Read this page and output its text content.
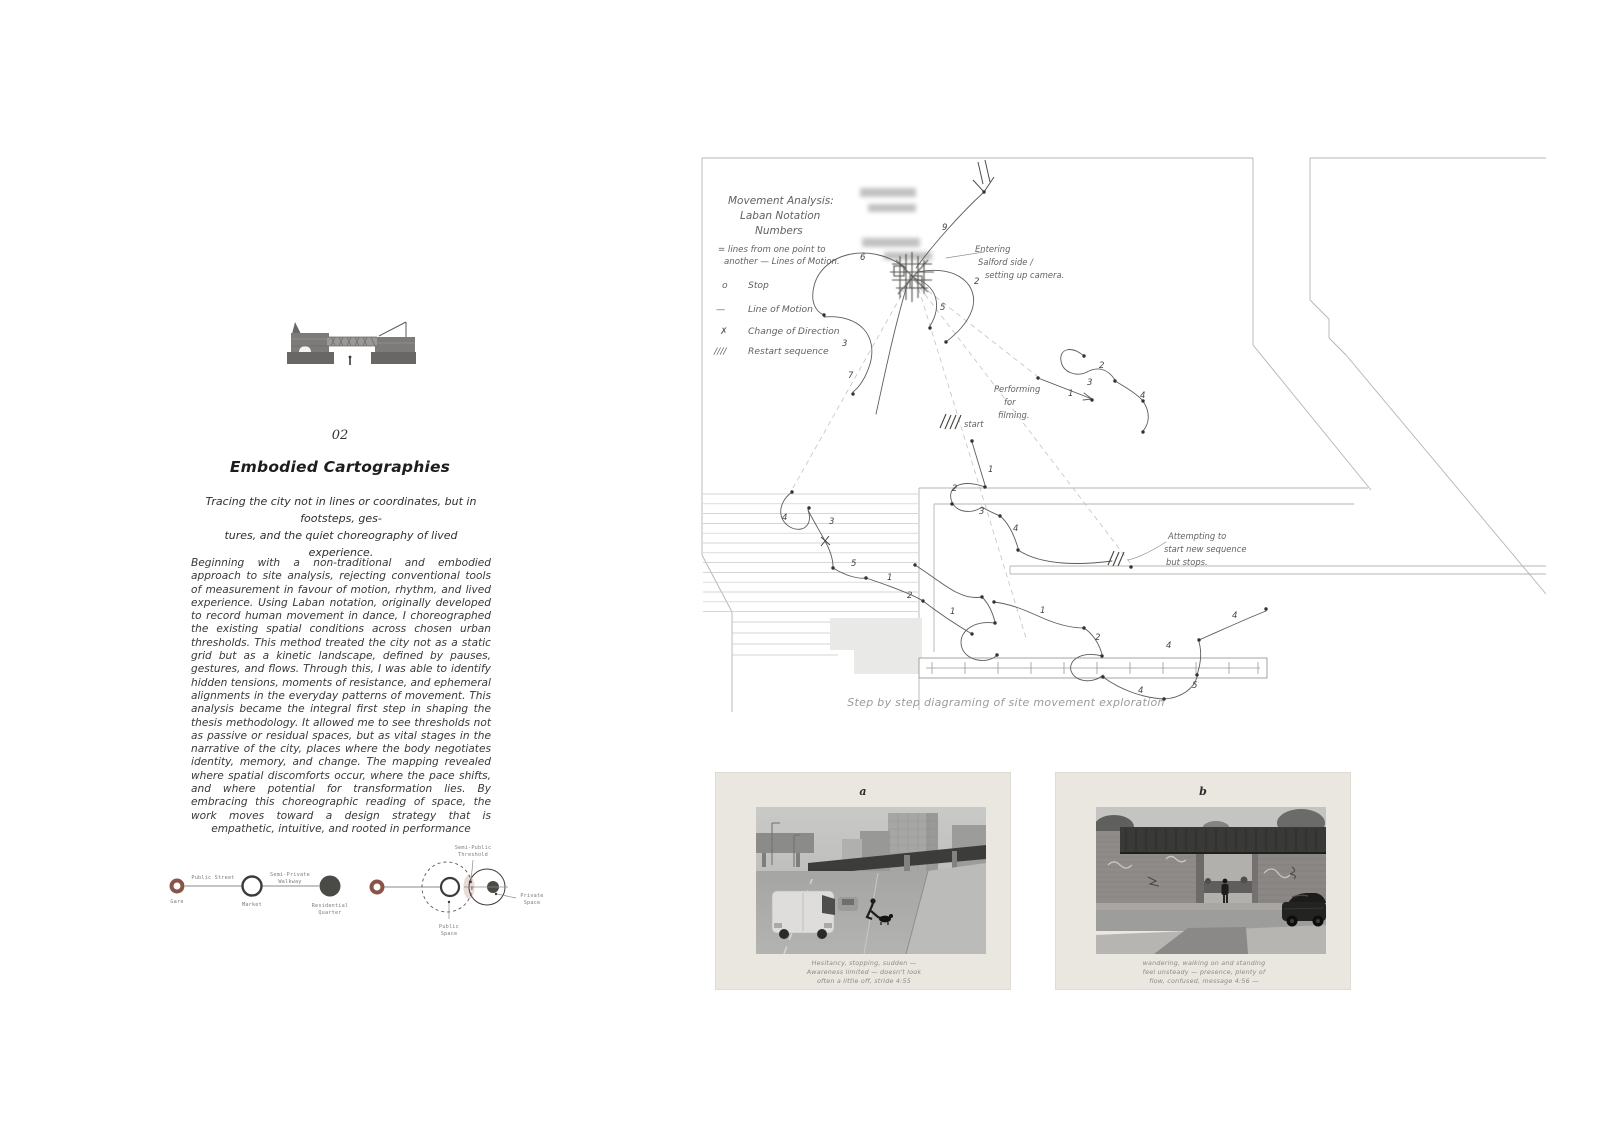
02
Embodied Cartographies
Tracing the city not in lines or coordinates, but in footsteps, ges-
tures, and the quiet choreography of lived experience.
Beginning with a non-traditional and embodied approach to site analysis, rejecting conventional tools of measurement in favour of motion, rhythm, and lived experience. Using Laban notation, originally developed to record human movement in dance, I choreographed the existing spatial conditions across chosen urban thresholds. This method treated the city not as a static grid but as a kinetic landscape, defined by pauses, gestures, and flows. Through this, I was able to identify hidden tensions, moments of resistance, and ephemeral alignments in the everyday patterns of movement. This analysis became the integral first step in shaping the thesis methodology. It allowed me to see thresholds not as passive or residual spaces, but as vital stages in the narrative of the city, places where the body negotiates identity, memory, and change. The mapping revealed where spatial discomforts occur, where the pace shifts, and where potential for transformation lies. By embracing this choreographic reading of space, the work moves toward a design strategy that is empathetic, intuitive, and rooted in performance
Public Street	Semi-Private
Walkway
Gare	Market	Residential
Quarter
Semi-Public
Threshold
Private
Space
Public
Space
9
2
5
6
3
7
1
2
3
4
4	3
5
1
2
1	1
2
4	5
4
4
2
3
1	4
Movement Analysis:
Laban Notation
Numbers
= lines from one point to
another — Lines of Motion.
o Stop
— Line of Motion
✗ Change of Direction
//// Restart sequence
Entering
Salford side /
setting up camera.
Performing
for
filming.
start
Attempting to
start new sequence
but stops.
Step by step diagraming of site movement exploration
a
Hesitancy, stopping, sudden —
Awareness limited — doesn't look
often a little off, stride 4:55
b
wandering, walking on and standing
feel unsteady — presence, plenty of
flow, confused, message 4:56 —
